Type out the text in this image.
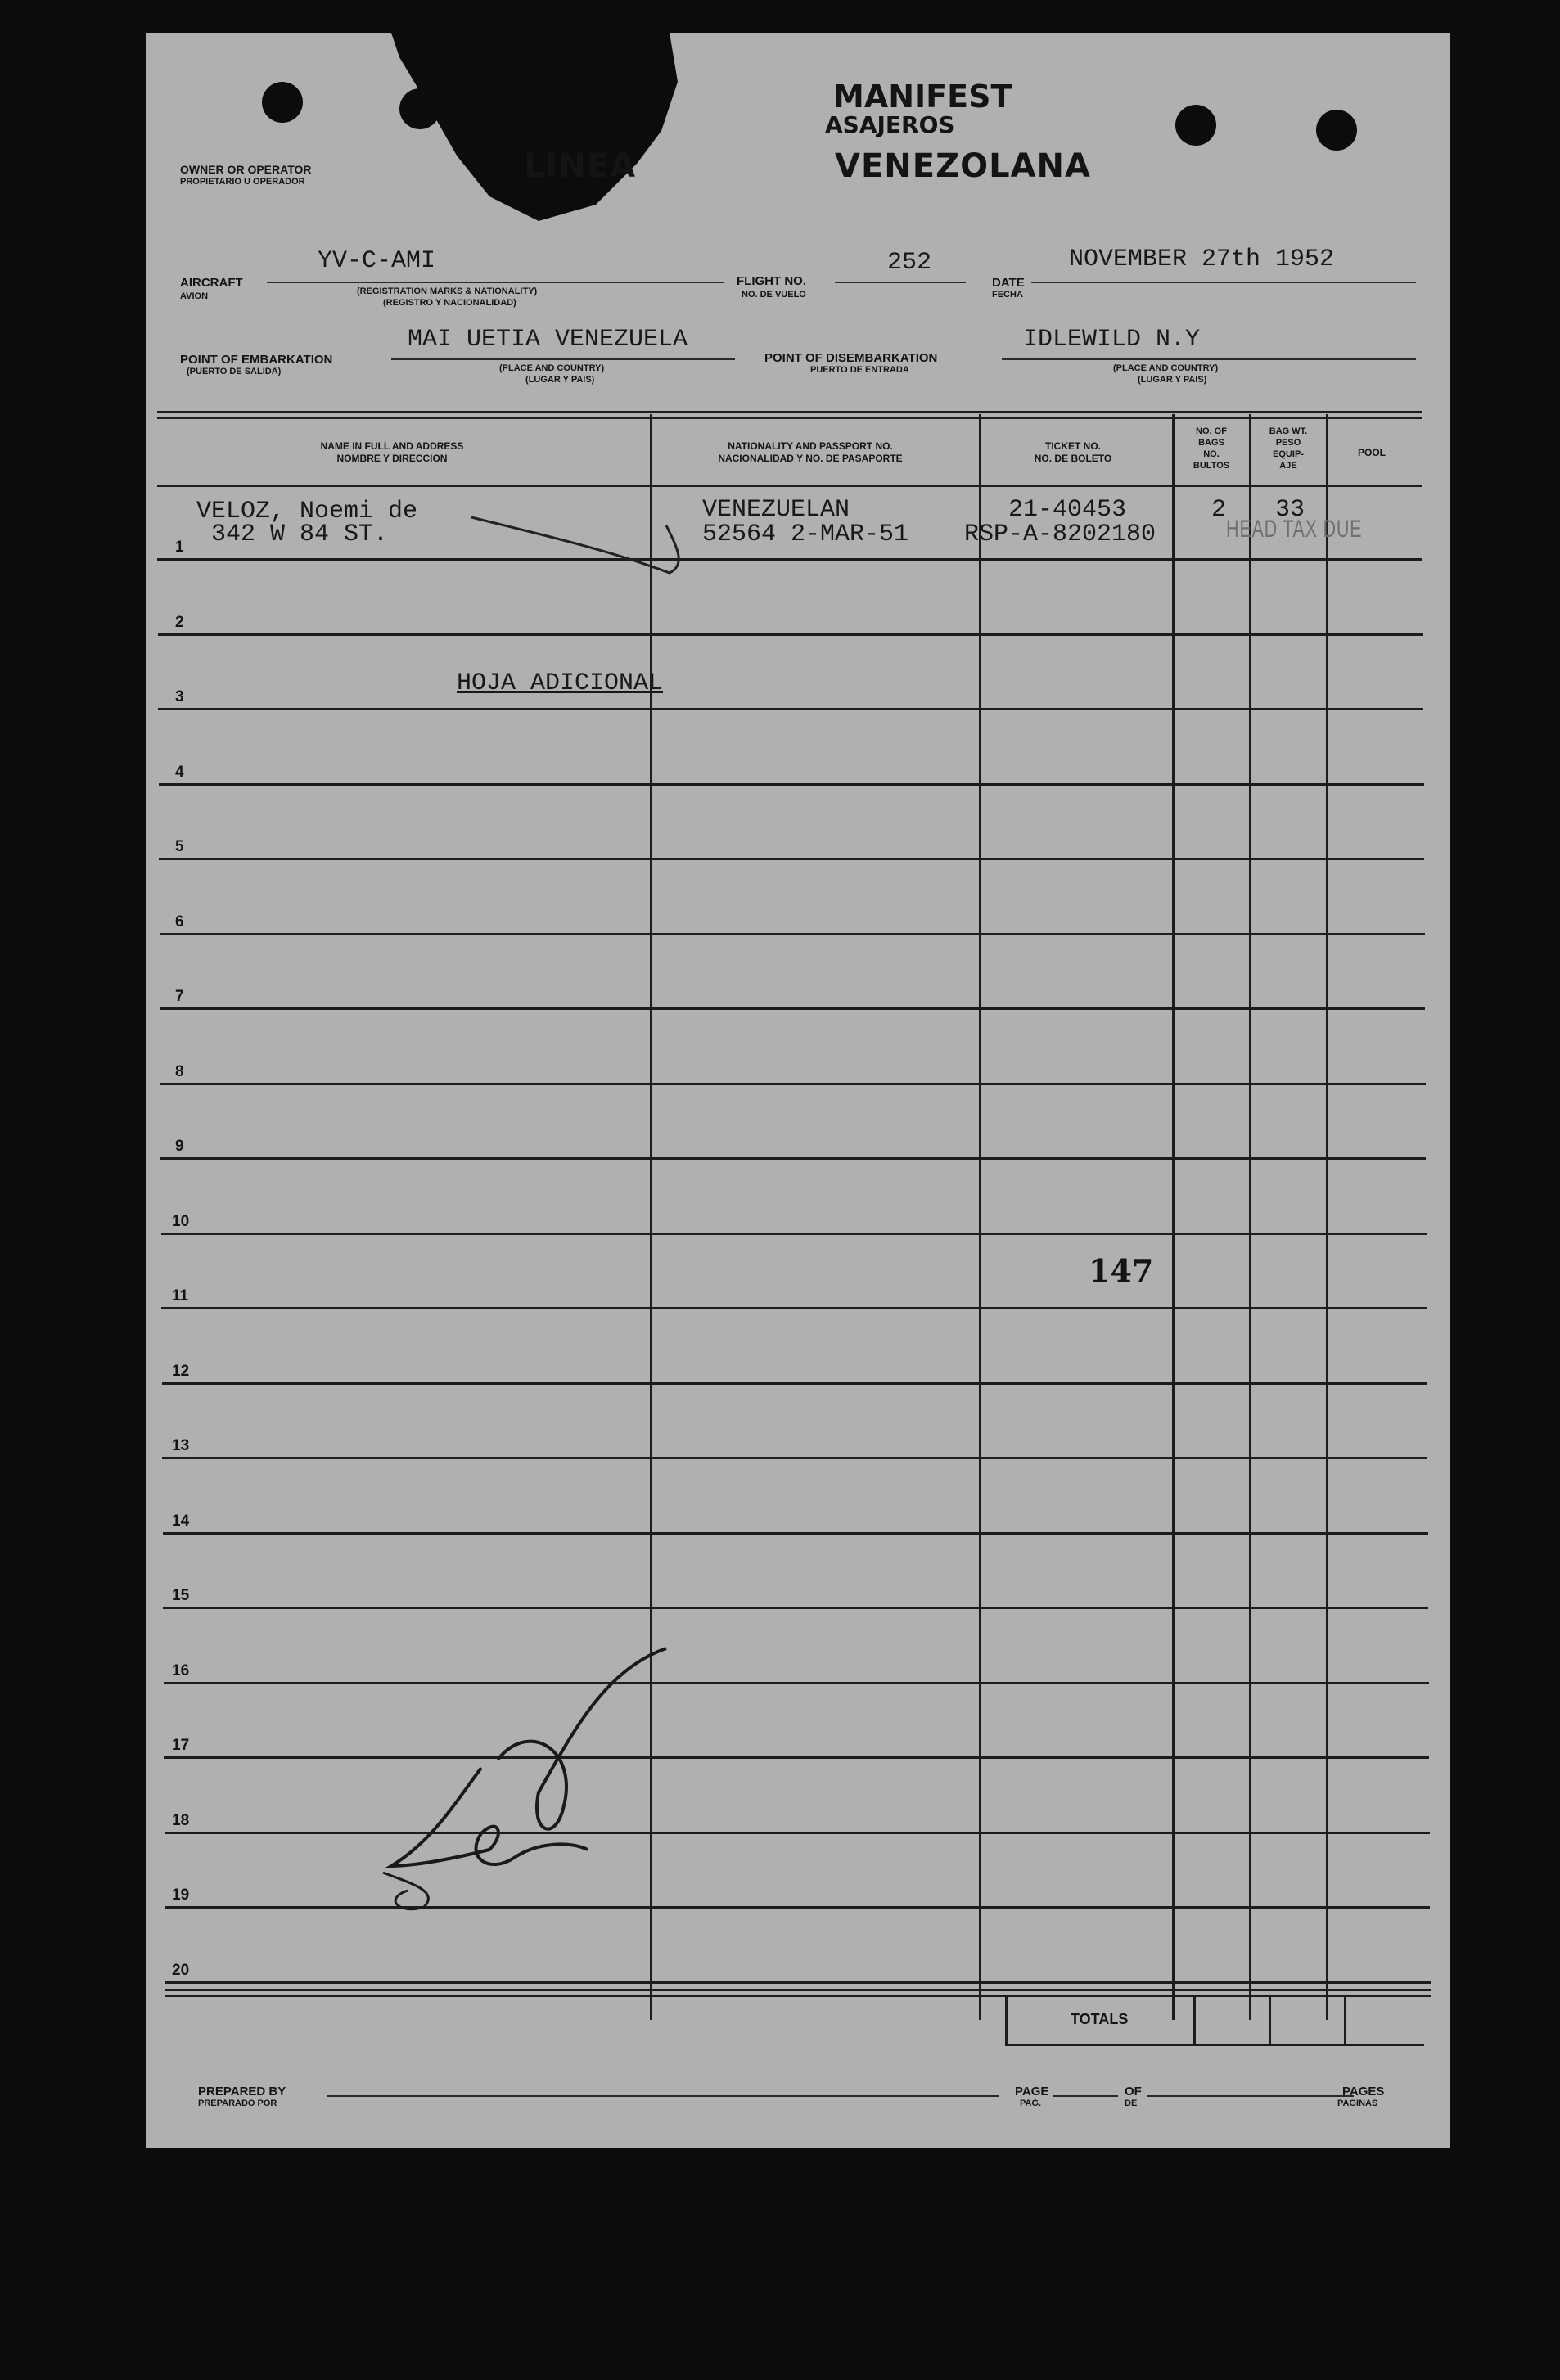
MANIFEST
ASAJEROS
LINEA	VENEZOLANA
OWNER OR OPERATOR
PROPIETARIO U OPERADOR
AIRCRAFT
AVION
YV-C-AMI
(REGISTRATION MARKS & NATIONALITY)
(REGISTRO Y NACIONALIDAD)
FLIGHT NO.
NO. DE VUELO
252
DATE
FECHA
NOVEMBER 27th 1952
POINT OF EMBARKATION
(PUERTO DE SALIDA)
MAI UETIA VENEZUELA
(PLACE AND COUNTRY)
(LUGAR Y PAIS)
POINT OF DISEMBARKATION
PUERTO DE ENTRADA
IDLEWILD N.Y
(PLACE AND COUNTRY)
(LUGAR Y PAIS)
NAME IN FULL AND ADDRESS
NOMBRE Y DIRECCION
NATIONALITY AND PASSPORT NO.
NACIONALIDAD Y NO. DE PASAPORTE
TICKET NO.
NO. DE BOLETO
NO. OF
BAGS
NO.
BULTOS
BAG WT.
PESO
EQUIP-
AJE
POOL
1
2
3
4
5
6
7
8
9
10
11
12
13
14
15
16
17
18
19
20
VELOZ, Noemi de
342 W 84 ST.
VENEZUELAN
52564 2-MAR-51
21-40453
RSP-A-8202180
2 33
HEAD TAX DUE
HOJA ADICIONAL
147
TOTALS
PREPARED BY
PREPARADO POR
PAGE
PAG.
OF
DE
PAGES
PAGINAS
